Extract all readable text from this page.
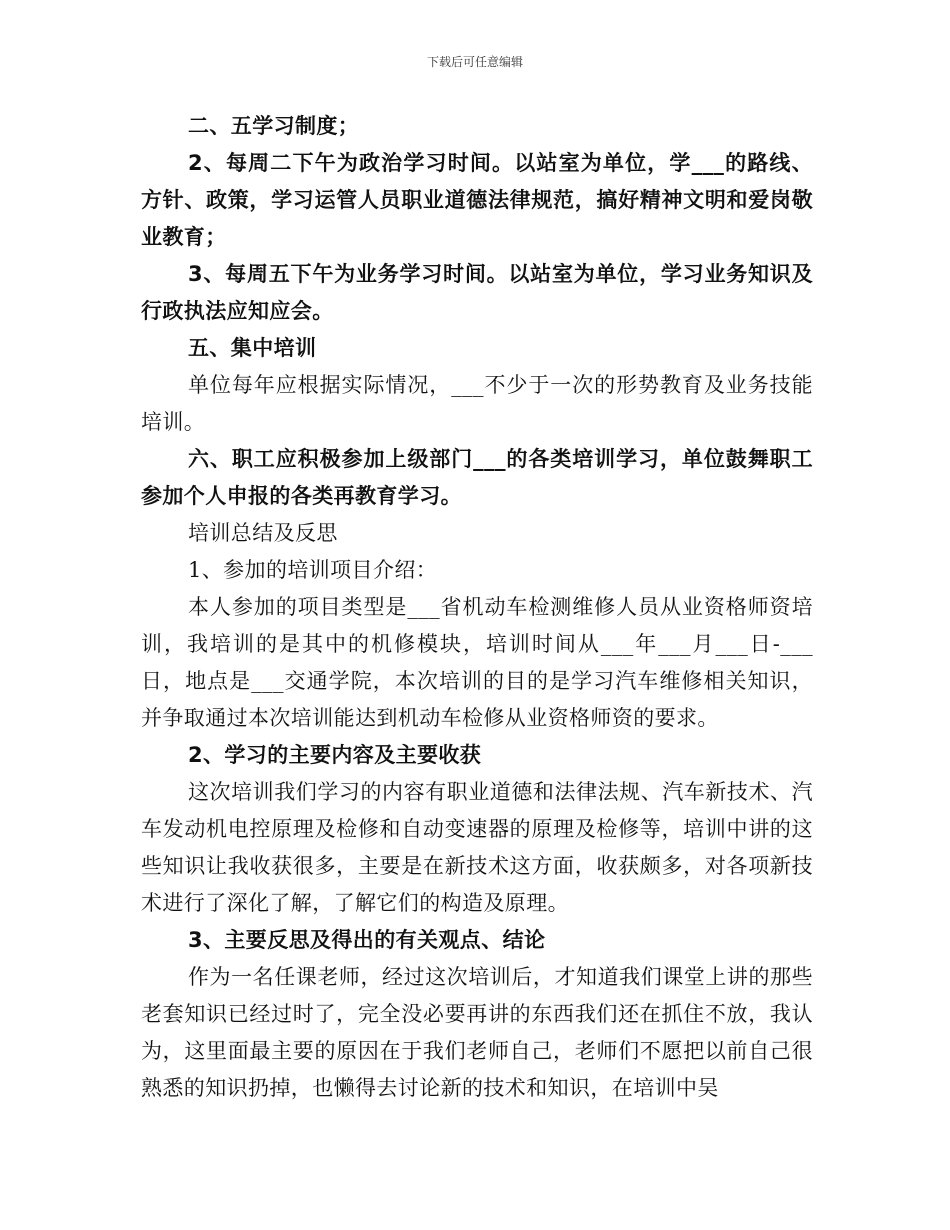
下载后可任意编辑

二、五学习制度；

2、每周二下午为政治学习时间。以站室为单位，学___的路线、方针、政策，学习运管人员职业道德法律规范，搞好精神文明和爱岗敬业教育；

3、每周五下午为业务学习时间。以站室为单位，学习业务知识及行政执法应知应会。

五、集中培训

单位每年应根据实际情况，___不少于一次的形势教育及业务技能培训。

六、职工应积极参加上级部门___的各类培训学习，单位鼓舞职工参加个人申报的各类再教育学习。

培训总结及反思

1、参加的培训项目介绍：

本人参加的项目类型是___省机动车检测维修人员从业资格师资培训，我培训的是其中的机修模块，培训时间从___年___月___日-___日，地点是___交通学院，本次培训的目的是学习汽车维修相关知识，并争取通过本次培训能达到机动车检修从业资格师资的要求。

2、学习的主要内容及主要收获

这次培训我们学习的内容有职业道德和法律法规、汽车新技术、汽车发动机电控原理及检修和自动变速器的原理及检修等，培训中讲的这些知识让我收获很多，主要是在新技术这方面，收获颇多，对各项新技术进行了深化了解，了解它们的构造及原理。

3、主要反思及得出的有关观点、结论

作为一名任课老师，经过这次培训后，才知道我们课堂上讲的那些老套知识已经过时了，完全没必要再讲的东西我们还在抓住不放，我认为，这里面最主要的原因在于我们老师自己，老师们不愿把以前自己很熟悉的知识扔掉，也懒得去讨论新的技术和知识，在培训中吴
